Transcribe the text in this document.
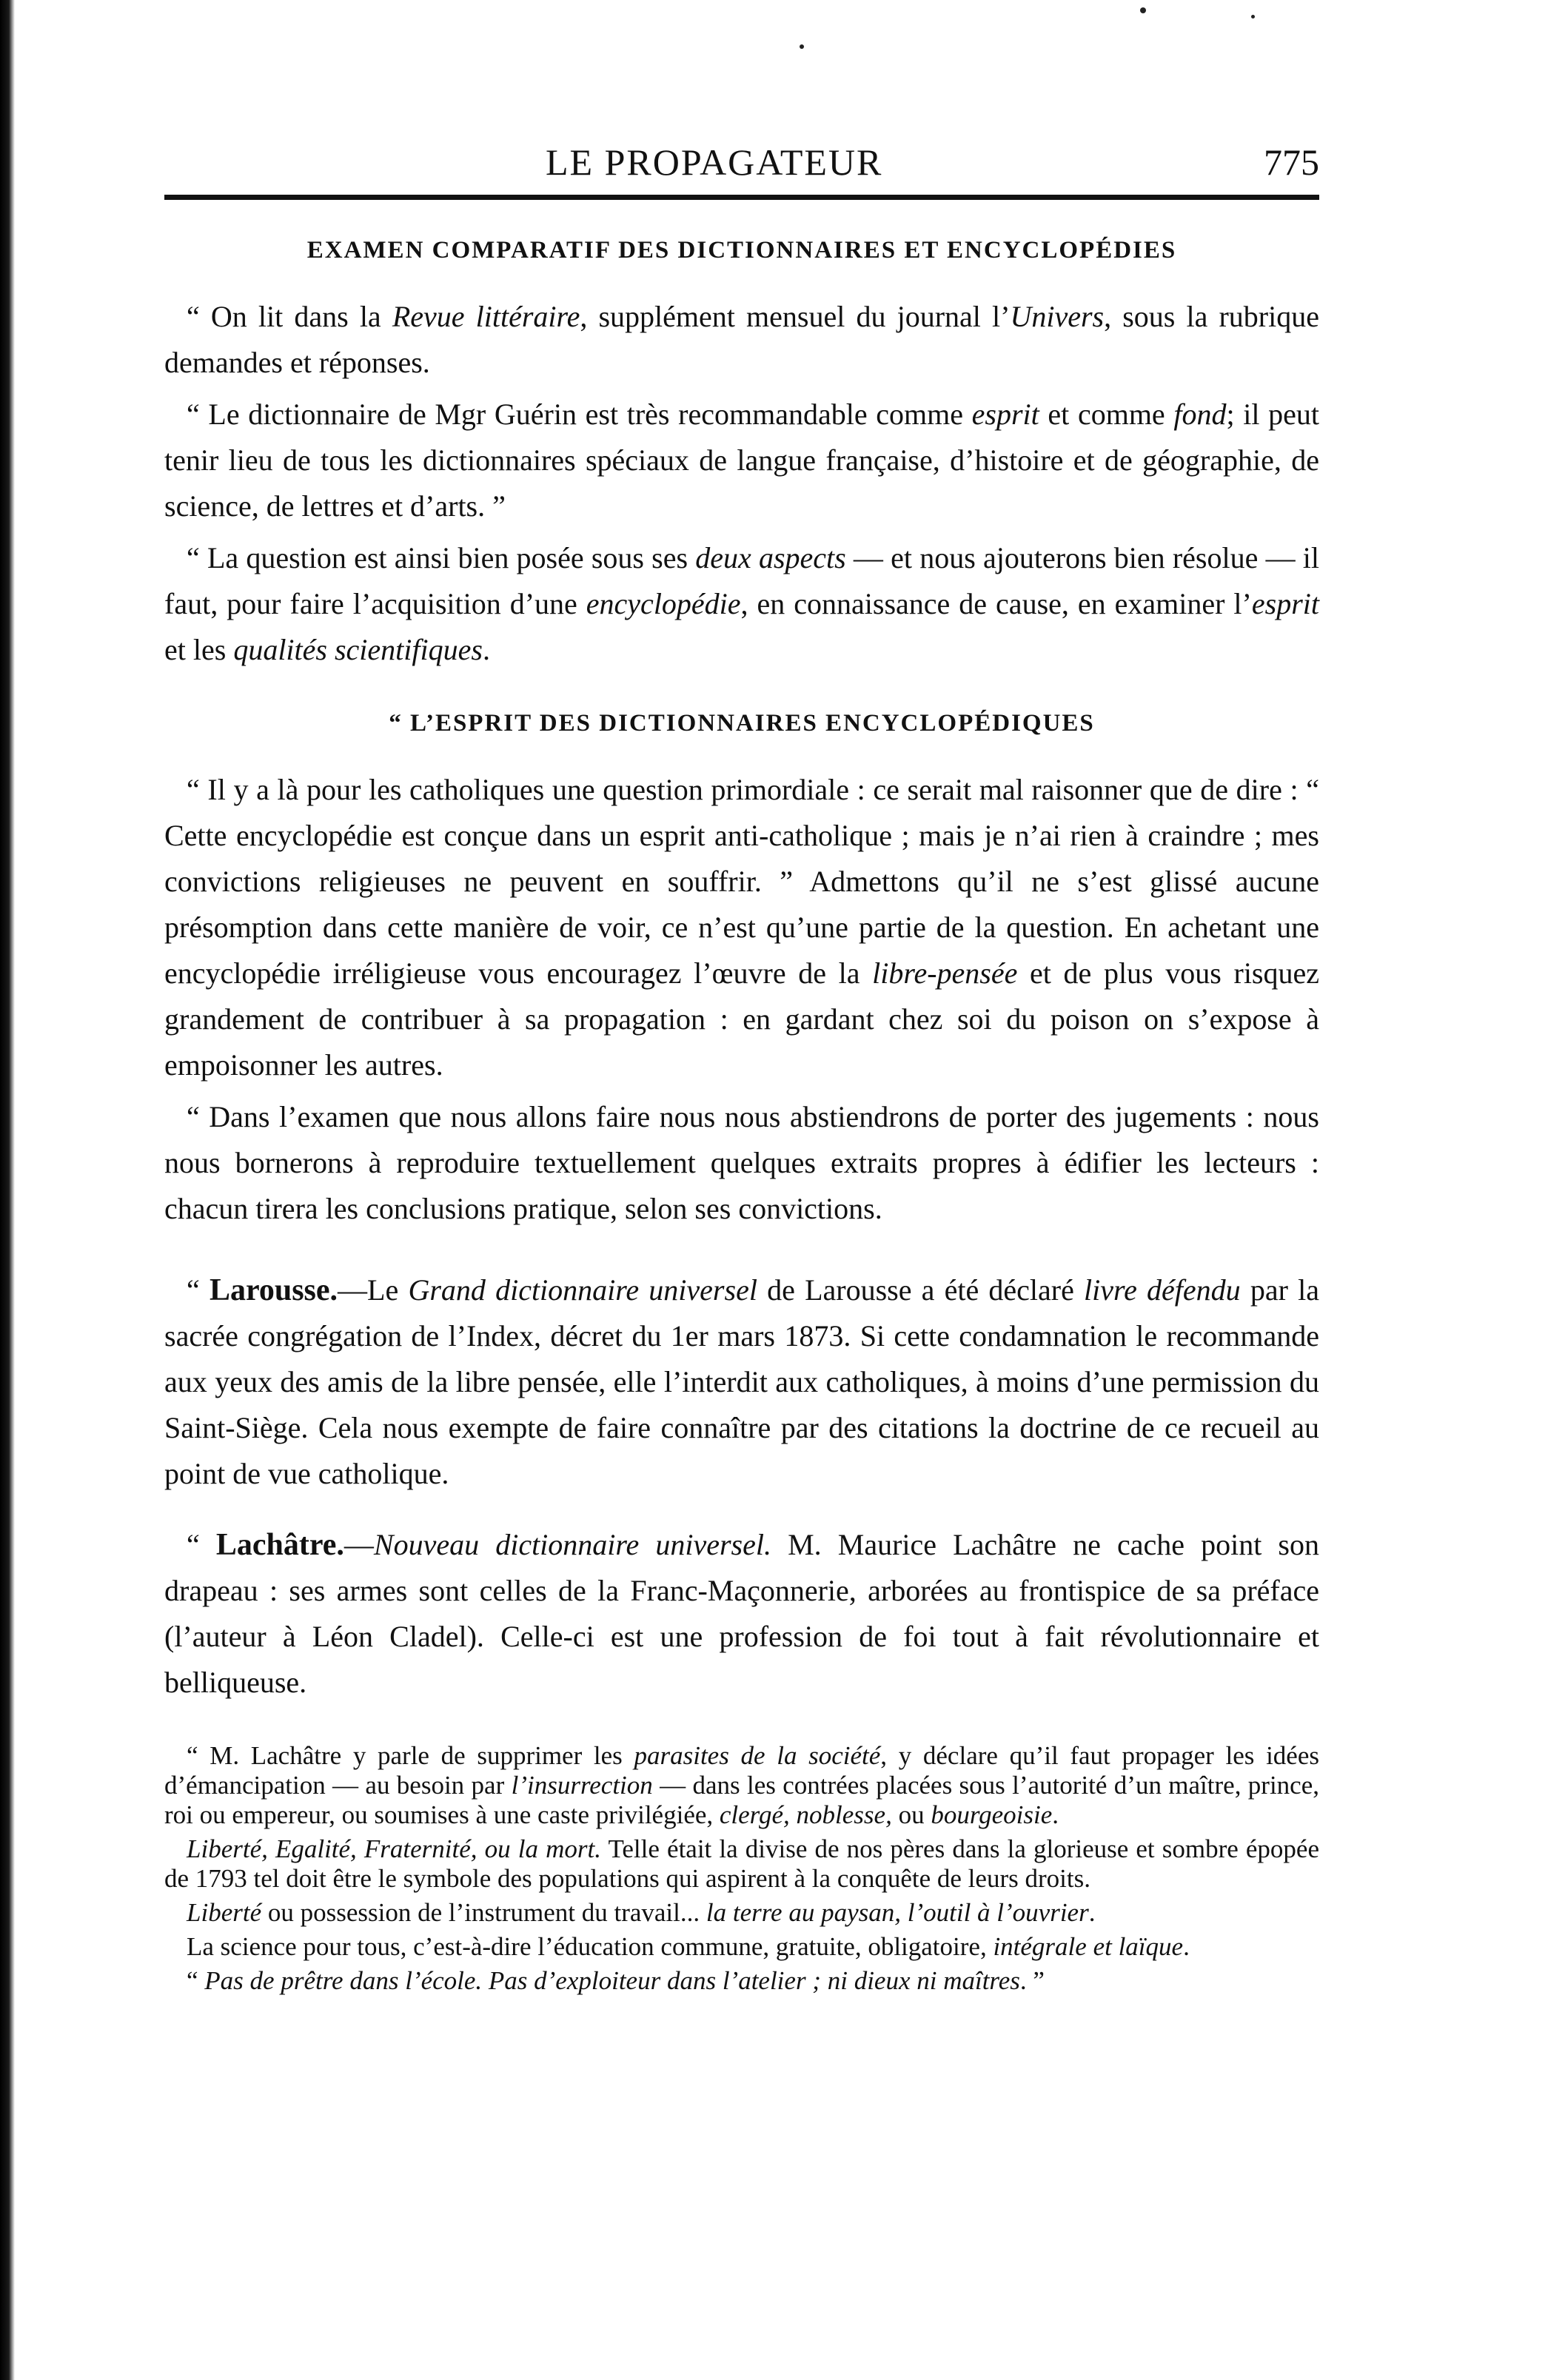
LE PROPAGATEUR	775
EXAMEN COMPARATIF DES DICTIONNAIRES ET ENCYCLOPÉDIES

“ On lit dans la Revue littéraire, supplément mensuel du journal l’Univers, sous la rubrique demandes et réponses.

“ Le dictionnaire de Mgr Guérin est très recommandable comme esprit et comme fond; il peut tenir lieu de tous les dictionnaires spéciaux de langue française, d’histoire et de géographie, de science, de lettres et d’arts. ”

“ La question est ainsi bien posée sous ses deux aspects — et nous ajouterons bien résolue — il faut, pour faire l’acquisition d’une encyclopédie, en connaissance de cause, en examiner l’esprit et les qualités scientifiques.

“ L’ESPRIT DES DICTIONNAIRES ENCYCLOPÉDIQUES

“ Il y a là pour les catholiques une question primordiale : ce serait mal raisonner que de dire : “ Cette encyclopédie est conçue dans un esprit anti-catholique ; mais je n’ai rien à craindre ; mes convictions religieuses ne peuvent en souffrir. ” Admettons qu’il ne s’est glissé aucune présomption dans cette manière de voir, ce n’est qu’une partie de la question. En achetant une encyclopédie irréligieuse vous encouragez l’œuvre de la libre-pensée et de plus vous risquez grandement de contribuer à sa propagation : en gardant chez soi du poison on s’expose à empoisonner les autres.

“ Dans l’examen que nous allons faire nous nous abstiendrons de porter des jugements : nous nous bornerons à reproduire textuellement quelques extraits propres à édifier les lecteurs : chacun tirera les conclusions pratique, selon ses convictions.

“ Larousse.—Le Grand dictionnaire universel de Larousse a été déclaré livre défendu par la sacrée congrégation de l’Index, décret du 1er mars 1873. Si cette condamnation le recommande aux yeux des amis de la libre pensée, elle l’interdit aux catholiques, à moins d’une permission du Saint-Siège. Cela nous exempte de faire connaître par des citations la doctrine de ce recueil au point de vue catholique.

“ Lachâtre.—Nouveau dictionnaire universel. M. Maurice Lachâtre ne cache point son drapeau : ses armes sont celles de la Franc-Maçonnerie, arborées au frontispice de sa préface (l’auteur à Léon Cladel). Celle-ci est une profession de foi tout à fait révolutionnaire et belliqueuse.

“ M. Lachâtre y parle de supprimer les parasites de la société, y déclare qu’il faut propager les idées d’émancipation — au besoin par l’insurrection — dans les contrées placées sous l’autorité d’un maître, prince, roi ou empereur, ou soumises à une caste privilégiée, clergé, noblesse, ou bourgeoisie.

Liberté, Egalité, Fraternité, ou la mort. Telle était la divise de nos pères dans la glorieuse et sombre épopée de 1793 tel doit être le symbole des populations qui aspirent à la conquête de leurs droits.

Liberté ou possession de l’instrument du travail... la terre au paysan, l’outil à l’ouvrier.

La science pour tous, c’est-à-dire l’éducation commune, gratuite, obligatoire, intégrale et laïque.

“ Pas de prêtre dans l’école. Pas d’exploiteur dans l’atelier ; ni dieux ni maîtres. ”
